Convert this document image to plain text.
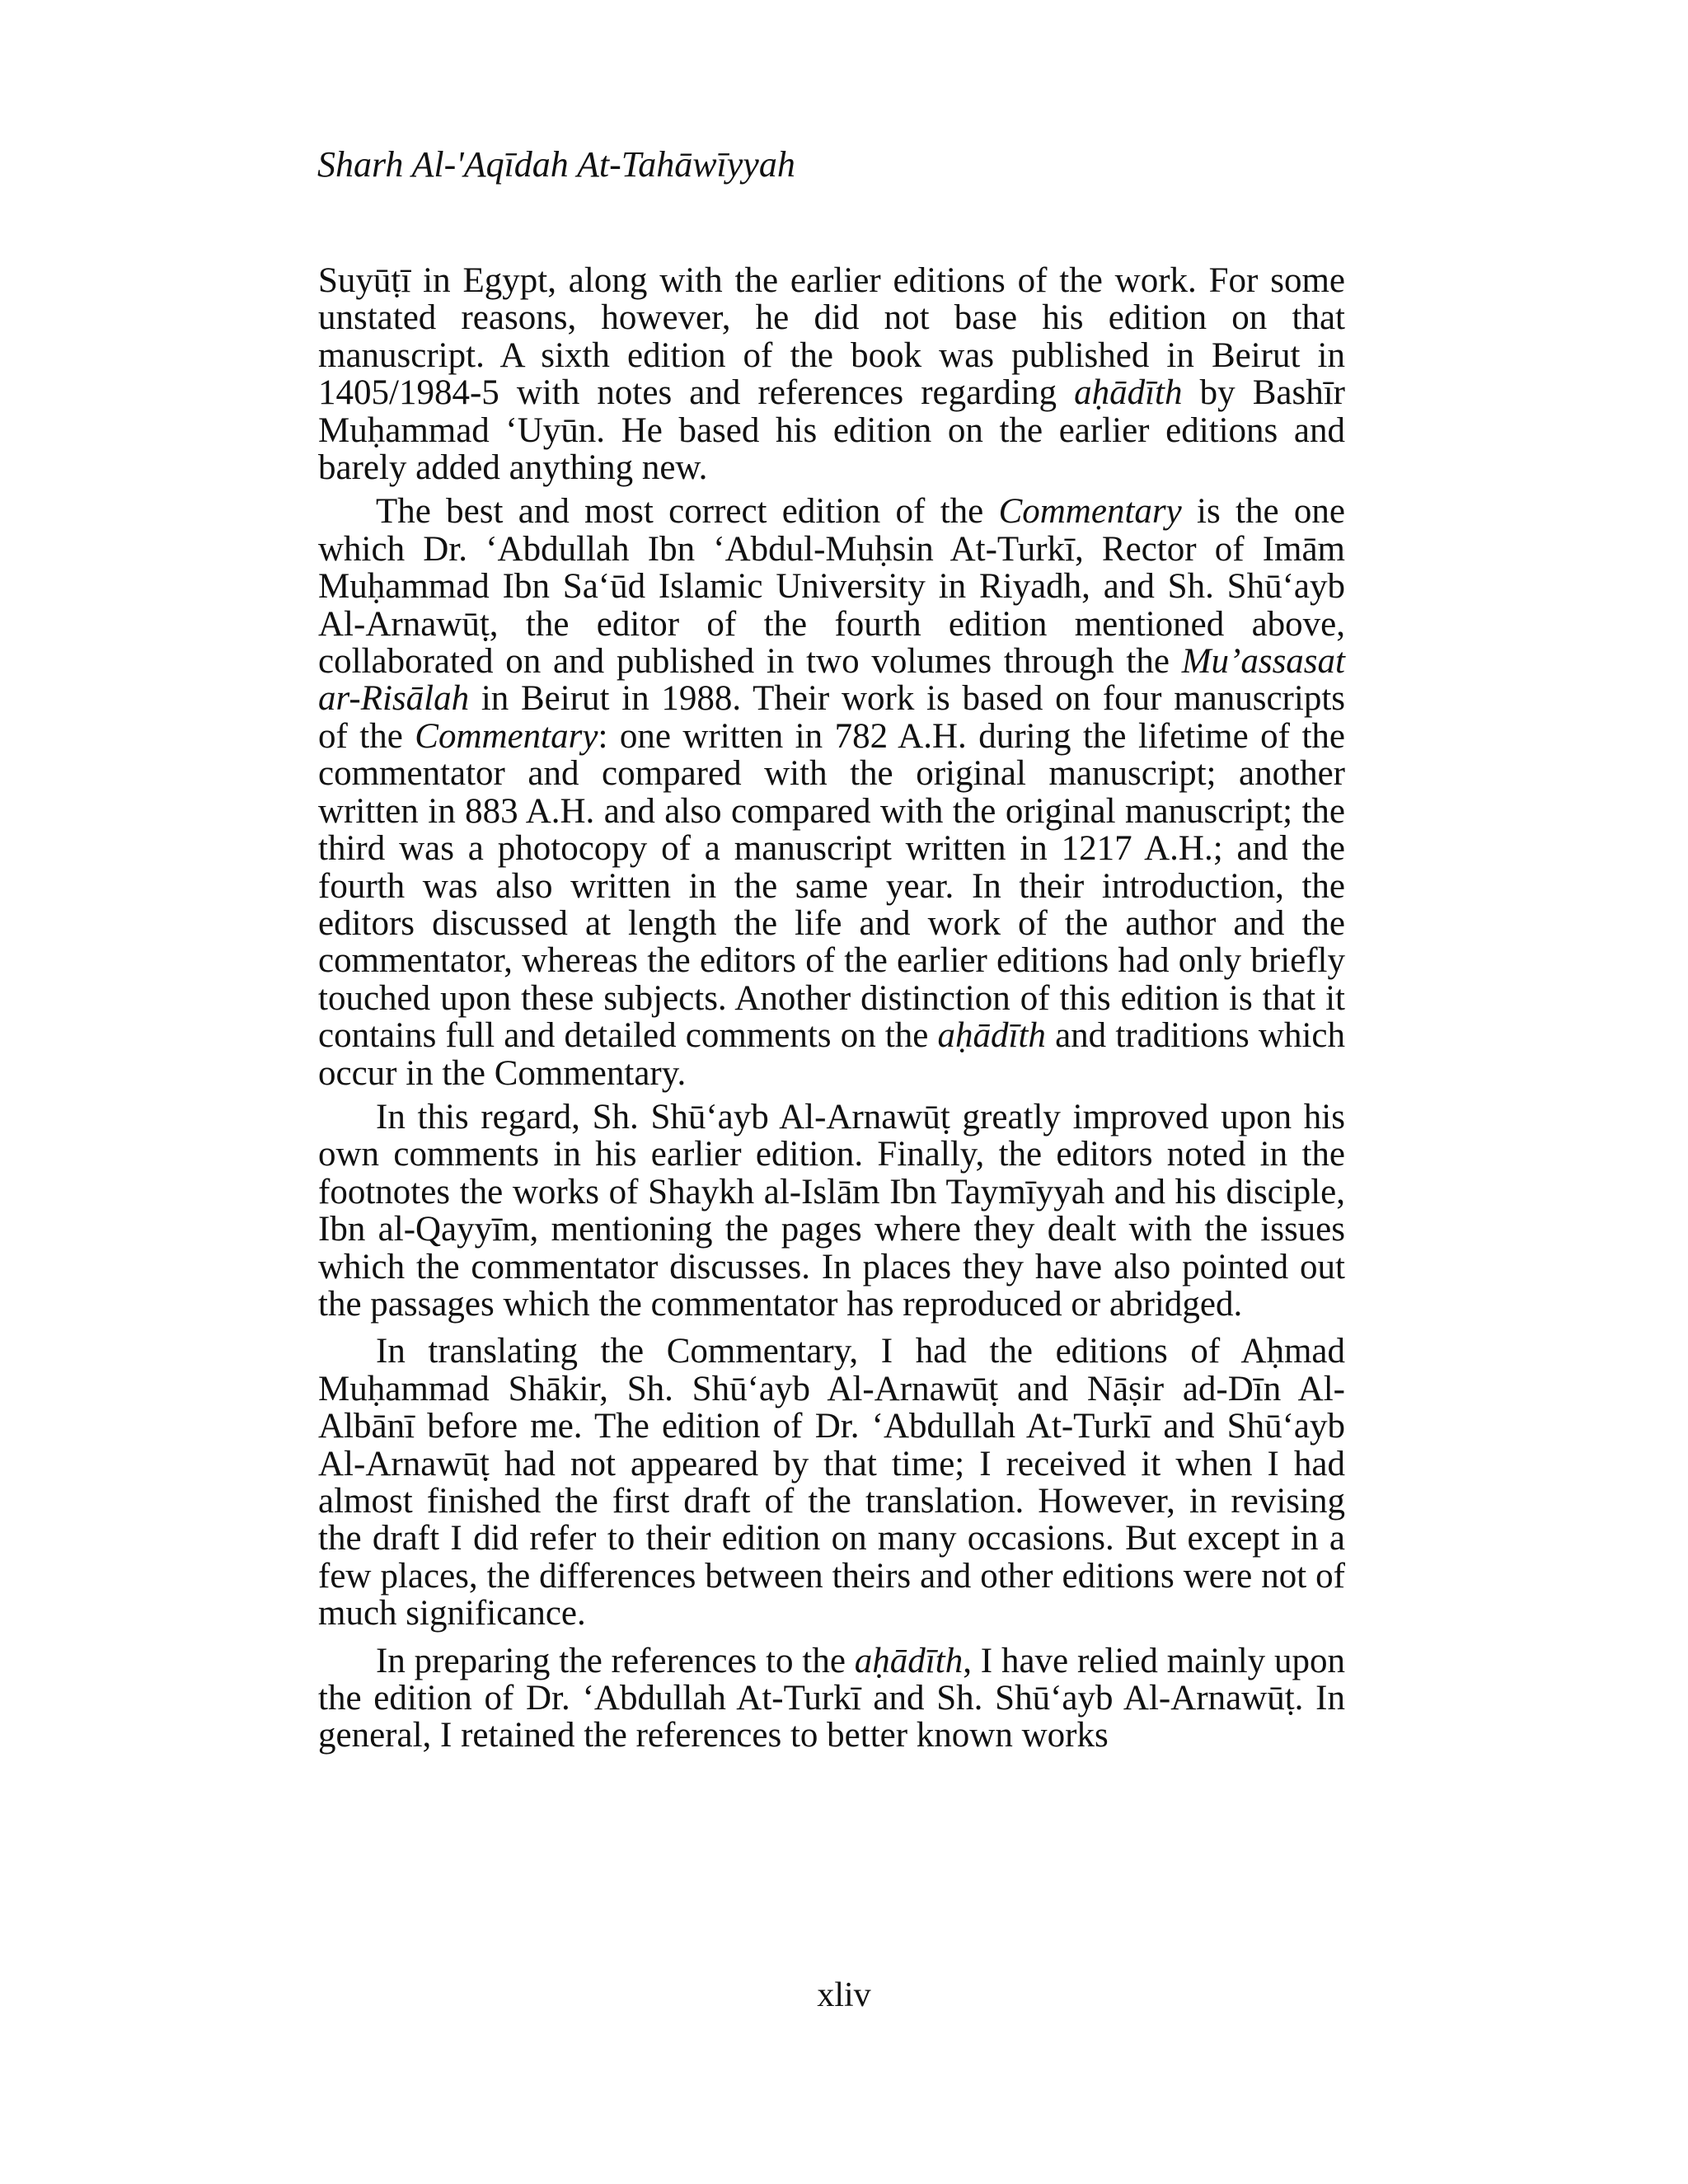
Sharh Al-'Aqīdah At-Tahāwīyyah

Suyūṭī in Egypt, along with the earlier editions of the work. For some unstated reasons, however, he did not base his edition on that manuscript. A sixth edition of the book was published in Beirut in 1405/1984-5 with notes and references regarding aḥādīth by Bashīr Muḥammad ‘Uyūn. He based his edition on the earlier editions and barely added anything new.

The best and most correct edition of the Commentary is the one which Dr. ‘Abdullah Ibn ‘Abdul-Muḥsin At-Turkī, Rector of Imām Muḥammad Ibn Sa‘ūd Islamic University in Riyadh, and Sh. Shū‘ayb Al-Arnawūṭ, the editor of the fourth edition mentioned above, collaborated on and published in two volumes through the Mu’assasat ar-Risālah in Beirut in 1988. Their work is based on four manuscripts of the Commentary: one written in 782 A.H. during the lifetime of the commentator and compared with the original manuscript; another written in 883 A.H. and also compared with the original manuscript; the third was a photocopy of a manuscript written in 1217 A.H.; and the fourth was also written in the same year. In their introduction, the editors discussed at length the life and work of the author and the commentator, whereas the editors of the earlier editions had only briefly touched upon these subjects. Another distinction of this edition is that it contains full and detailed comments on the aḥādīth and traditions which occur in the Commentary.

In this regard, Sh. Shū‘ayb Al-Arnawūṭ greatly improved upon his own comments in his earlier edition. Finally, the editors noted in the footnotes the works of Shaykh al-Islām Ibn Taymīyyah and his disciple, Ibn al-Qayyīm, mentioning the pages where they dealt with the issues which the commentator discusses. In places they have also pointed out the passages which the commentator has reproduced or abridged.

In translating the Commentary, I had the editions of Aḥmad Muḥammad Shākir, Sh. Shū‘ayb Al-Arnawūṭ and Nāṣir ad-Dīn Al-Albānī before me. The edition of Dr. ‘Abdullah At-Turkī and Shū‘ayb Al-Arnawūṭ had not appeared by that time; I received it when I had almost finished the first draft of the translation. However, in revising the draft I did refer to their edition on many occasions. But except in a few places, the differences between theirs and other editions were not of much significance.

In preparing the references to the aḥādīth, I have relied mainly upon the edition of Dr. ‘Abdullah At-Turkī and Sh. Shū‘ayb Al-Arnawūṭ. In general, I retained the references to better known works

xliv
